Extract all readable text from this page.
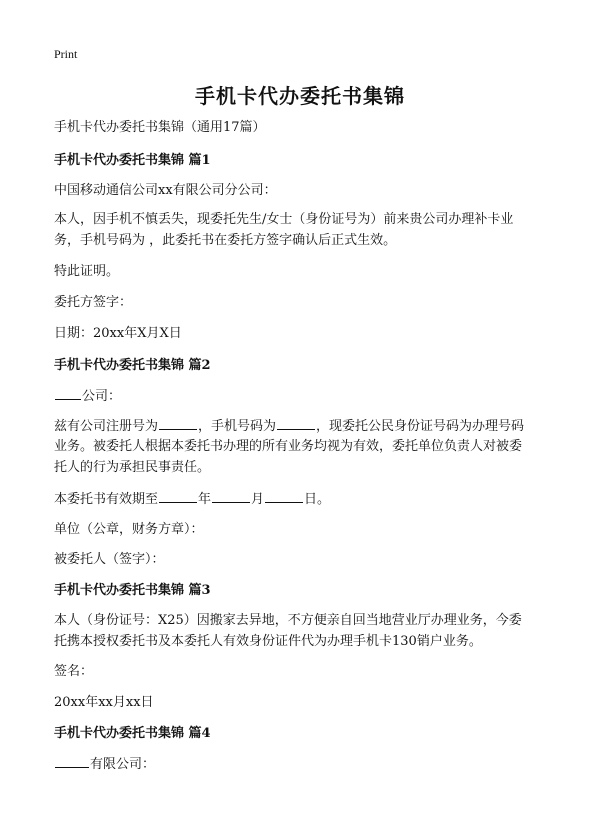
Print
手机卡代办委托书集锦
手机卡代办委托书集锦（通用17篇）
手机卡代办委托书集锦 篇1
中国移动通信公司xx有限公司分公司：
本人，因手机不慎丢失，现委托先生/女士（身份证号为）前来贵公司办理补卡业
务，手机号码为 ，此委托书在委托方签字确认后正式生效。
特此证明。
委托方签字：
日期：20xx年X月X日
手机卡代办委托书集锦 篇2
公司：
兹有公司注册号为	，手机号码为	，现委托公民身份证号码为办理号码
业务。被委托人根据本委托书办理的所有业务均视为有效，委托单位负责人对被委
托人的行为承担民事责任。
本委托书有效期至	年	月	日。
单位（公章，财务方章）：
被委托人（签字）：
手机卡代办委托书集锦 篇3
本人（身份证号：X25）因搬家去异地，不方便亲自回当地营业厅办理业务，今委
托携本授权委托书及本委托人有效身份证件代为办理手机卡130销户业务。
签名：
20xx年xx月xx日
手机卡代办委托书集锦 篇4
有限公司：
